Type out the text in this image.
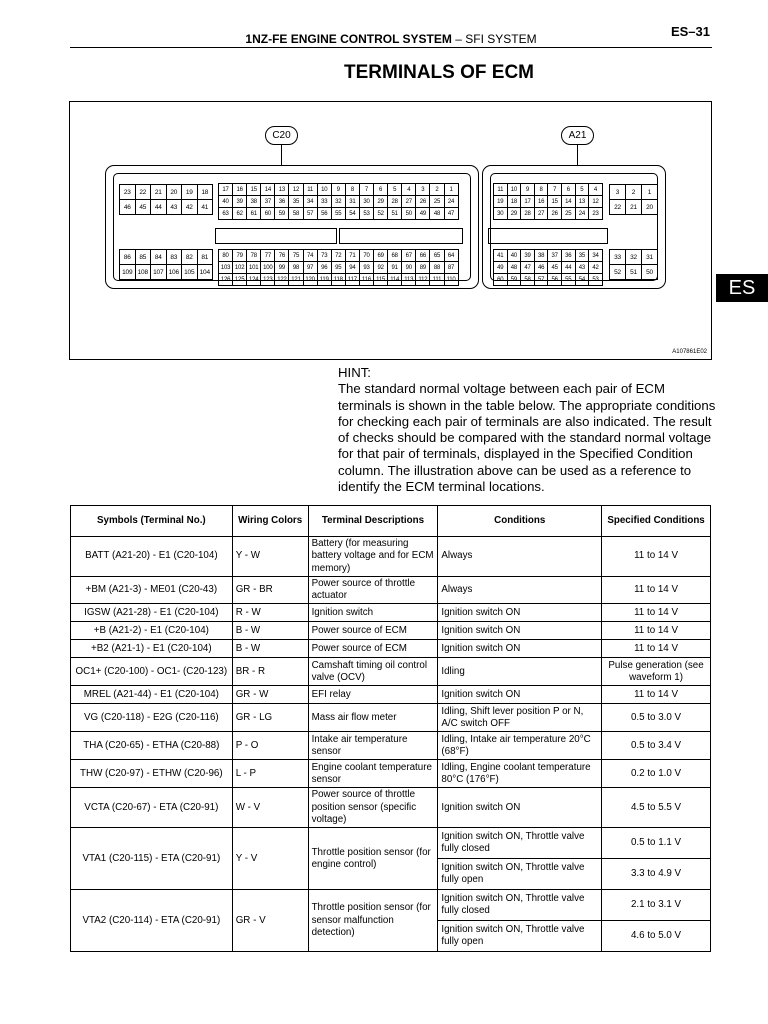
1NZ-FE ENGINE CONTROL SYSTEM – SFI SYSTEM	ES–31
TERMINALS OF ECM
C20	A21
23	22	21	20	19	18
46	45	44	43	42	41
17	16	15	14	13	12	11	10	9	8	7	6	5	4	3	2	1
40	39	38	37	36	35	34	33	32	31	30	29	28	27	26	25	24
63	62	61	60	59	58	57	56	55	54	53	52	51	50	49	48	47
86	85	84	83	82	81
109 108 107 106 105 104
80	79	78	77	76	75	74	73	72	71	70	69	68	67	66	65	64
103 102 101 100	99	98	97	96	95	94	93	92	91	90	89	88	87
126 125 124 123 122 121 120 119 118 117 116 115 114 113 112 111 110
11	10	9	8	7	6	5	4
19	18	17	16	15	14	13	12
30	29	28	27	26	25	24	23
3	2	1
22	21	20
41	40	39	38	37	36	35	34
49	48	47	46	45	44	43	42
60	59	58	57	56	55	54	53
33	32	31
52	51	50
A107861E02
ES
HINT:
The standard normal voltage between each pair of ECM terminals is shown in the table below. The appropriate conditions for checking each pair of terminals are also indicated. The result of checks should be compared with the standard normal voltage for that pair of terminals, displayed in the Specified Condition column. The illustration above can be used as a reference to identify the ECM terminal locations.
Symbols (Terminal No.)	Wiring Colors	Terminal Descriptions	Conditions	Specified Conditions
BATT (A21-20) - E1 (C20-104)	Y - W	Battery (for measuring battery voltage and for ECM memory)	Always	11 to 14 V
+BM (A21-3) - ME01 (C20-43)	GR - BR	Power source of throttle actuator	Always	11 to 14 V
IGSW (A21-28) - E1 (C20-104)	R - W	Ignition switch	Ignition switch ON	11 to 14 V
+B (A21-2) - E1 (C20-104)	B - W	Power source of ECM	Ignition switch ON	11 to 14 V
+B2 (A21-1) - E1 (C20-104)	B - W	Power source of ECM	Ignition switch ON	11 to 14 V
OC1+ (C20-100) - OC1- (C20-123)	BR - R	Camshaft timing oil control valve (OCV)	Idling	Pulse generation (see waveform 1)
MREL (A21-44) - E1 (C20-104)	GR - W	EFI relay	Ignition switch ON	11 to 14 V
VG (C20-118) - E2G (C20-116)	GR - LG	Mass air flow meter	Idling, Shift lever position P or N, A/C switch OFF	0.5 to 3.0 V
THA (C20-65) - ETHA (C20-88)	P - O	Intake air temperature sensor	Idling, Intake air temperature 20°C (68°F)	0.5 to 3.4 V
THW (C20-97) - ETHW (C20-96)	L - P	Engine coolant temperature sensor	Idling, Engine coolant temperature 80°C (176°F)	0.2 to 1.0 V
VCTA (C20-67) - ETA (C20-91)	W - V	Power source of throttle position sensor (specific voltage)	Ignition switch ON	4.5 to 5.5 V
VTA1 (C20-115) - ETA (C20-91)	Y - V	Throttle position sensor (for engine control)	Ignition switch ON, Throttle valve fully closed	0.5 to 1.1 V
			Ignition switch ON, Throttle valve fully open	3.3 to 4.9 V
VTA2 (C20-114) - ETA (C20-91)	GR - V	Throttle position sensor (for sensor malfunction detection)	Ignition switch ON, Throttle valve fully closed	2.1 to 3.1 V
			Ignition switch ON, Throttle valve fully open	4.6 to 5.0 V
